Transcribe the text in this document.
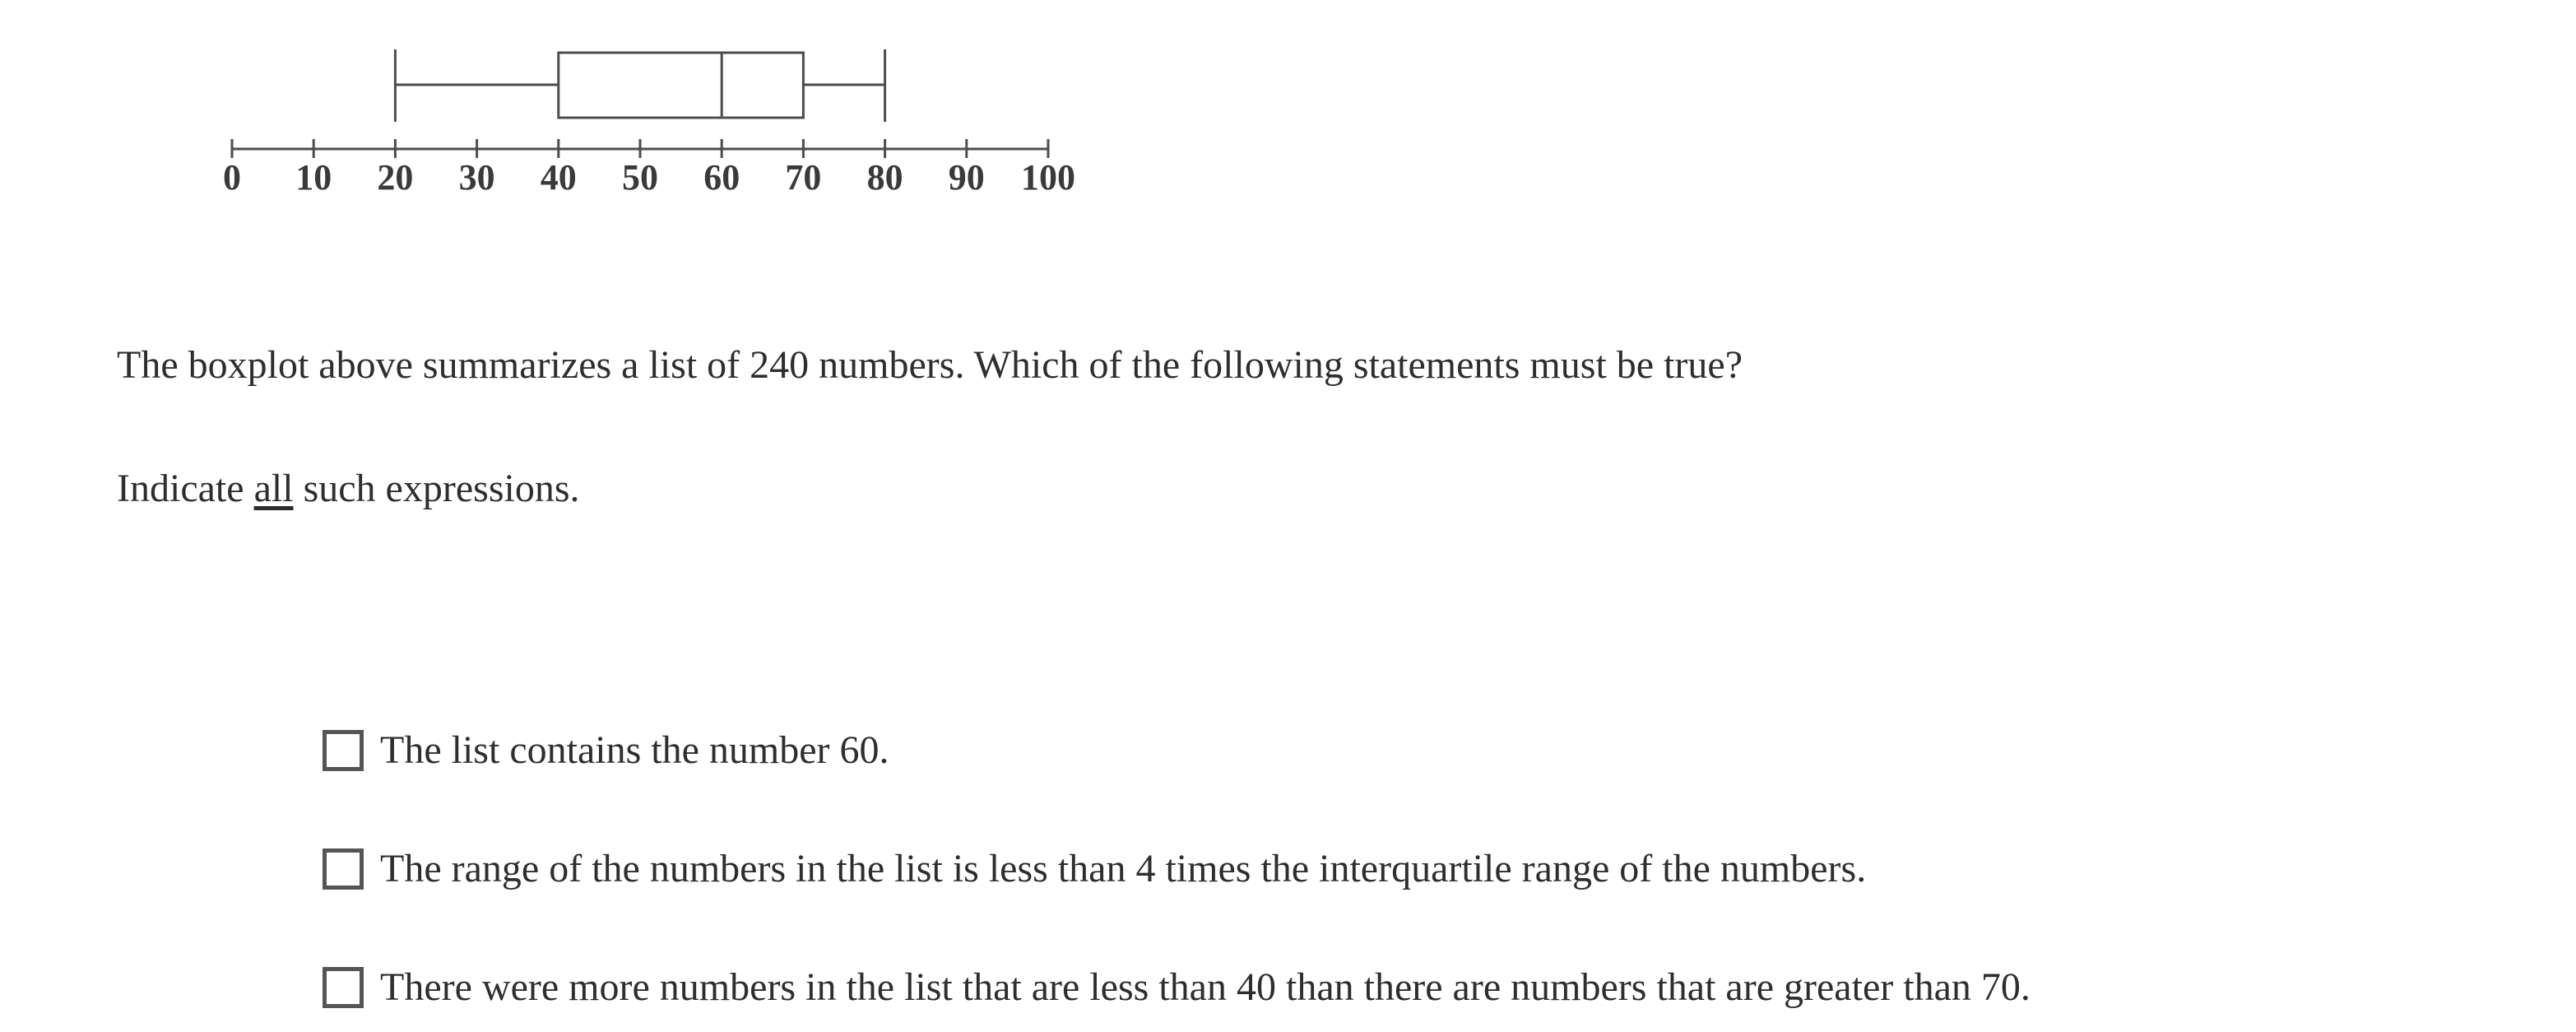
0 10 20 30 40 50 60 70 80 90 100

The boxplot above summarizes a list of 240 numbers. Which of the following statements must be true?

Indicate all such expressions.

The list contains the number 60.
The range of the numbers in the list is less than 4 times the interquartile range of the numbers.
There were more numbers in the list that are less than 40 than there are numbers that are greater than 70.
